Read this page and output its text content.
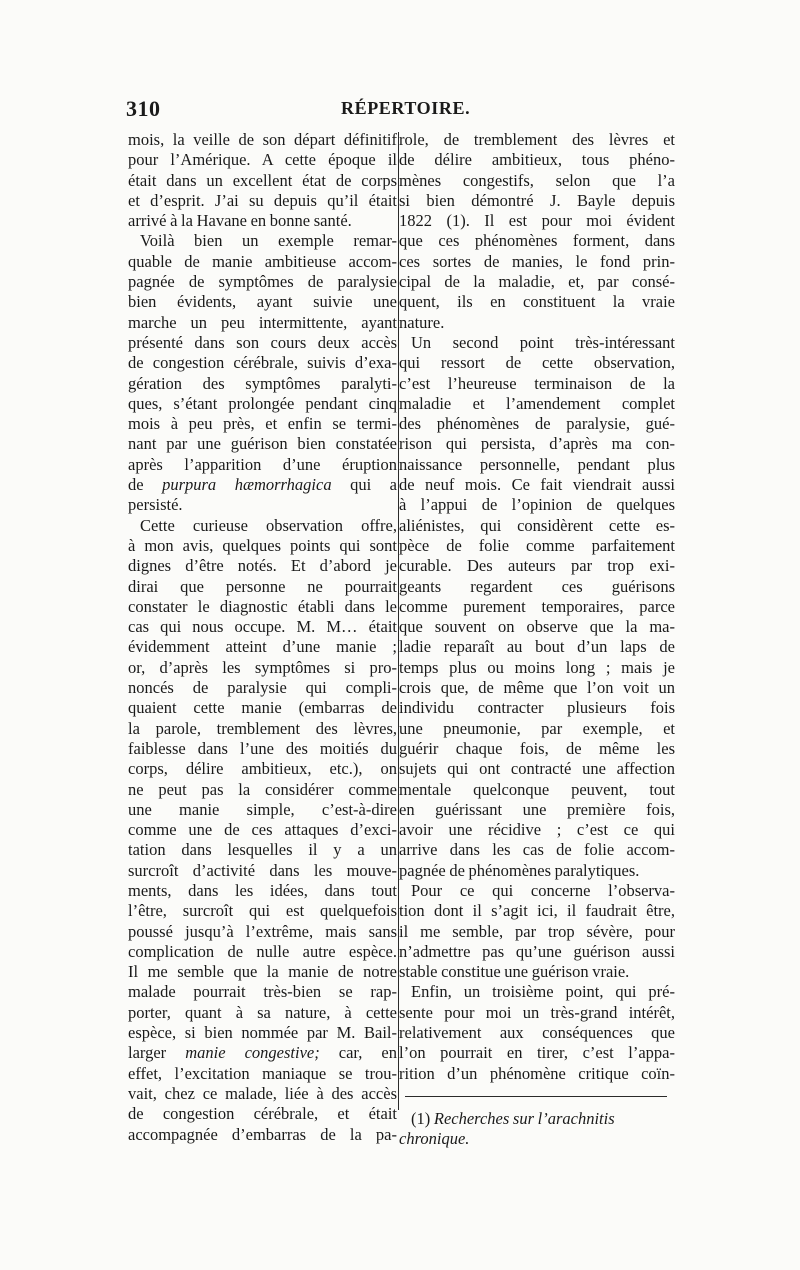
310	RÉPERTOIRE.
mois, la veille de son départ définitif
pour l’Amérique. A cette époque il
était dans un excellent état de corps
et d’esprit. J’ai su depuis qu’il était
arrivé à la Havane en bonne santé.
Voilà bien un exemple remar-
quable de manie ambitieuse accom-
pagnée de symptômes de paralysie
bien évidents, ayant suivie une
marche un peu intermittente, ayant
présenté dans son cours deux accès
de congestion cérébrale, suivis d’exa-
gération des symptômes paralyti-
ques, s’étant prolongée pendant cinq
mois à peu près, et enfin se termi-
nant par une guérison bien constatée
après l’apparition d’une éruption
de purpura hæmorrhagica qui a
persisté.
Cette curieuse observation offre,
à mon avis, quelques points qui sont
dignes d’être notés. Et d’abord je
dirai que personne ne pourrait
constater le diagnostic établi dans le
cas qui nous occupe. M. M… était
évidemment atteint d’une manie ;
or, d’après les symptômes si pro-
noncés de paralysie qui compli-
quaient cette manie (embarras de
la parole, tremblement des lèvres,
faiblesse dans l’une des moitiés du
corps, délire ambitieux, etc.), on
ne peut pas la considérer comme
une manie simple, c’est-à-dire
comme une de ces attaques d’exci-
tation dans lesquelles il y a un
surcroît d’activité dans les mouve-
ments, dans les idées, dans tout
l’être, surcroît qui est quelquefois
poussé jusqu’à l’extrême, mais sans
complication de nulle autre espèce.
Il me semble que la manie de notre
malade pourrait très-bien se rap-
porter, quant à sa nature, à cette
espèce, si bien nommée par M. Bail-
larger manie congestive; car, en
effet, l’excitation maniaque se trou-
vait, chez ce malade, liée à des accès
de congestion cérébrale, et était
accompagnée d’embarras de la pa-
role, de tremblement des lèvres et
de délire ambitieux, tous phéno-
mènes congestifs, selon que l’a
si bien démontré J. Bayle depuis
1822 (1). Il est pour moi évident
que ces phénomènes forment, dans
ces sortes de manies, le fond prin-
cipal de la maladie, et, par consé-
quent, ils en constituent la vraie
nature.
Un second point très-intéressant
qui ressort de cette observation,
c’est l’heureuse terminaison de la
maladie et l’amendement complet
des phénomènes de paralysie, gué-
rison qui persista, d’après ma con-
naissance personnelle, pendant plus
de neuf mois. Ce fait viendrait aussi
à l’appui de l’opinion de quelques
aliénistes, qui considèrent cette es-
pèce de folie comme parfaitement
curable. Des auteurs par trop exi-
geants regardent ces guérisons
comme purement temporaires, parce
que souvent on observe que la ma-
ladie reparaît au bout d’un laps de
temps plus ou moins long ; mais je
crois que, de même que l’on voit un
individu contracter plusieurs fois
une pneumonie, par exemple, et
guérir chaque fois, de même les
sujets qui ont contracté une affection
mentale quelconque peuvent, tout
en guérissant une première fois,
avoir une récidive ; c’est ce qui
arrive dans les cas de folie accom-
pagnée de phénomènes paralytiques.
Pour ce qui concerne l’observa-
tion dont il s’agit ici, il faudrait être,
il me semble, par trop sévère, pour
n’admettre pas qu’une guérison aussi
stable constitue une guérison vraie.
Enfin, un troisième point, qui pré-
sente pour moi un très-grand intérêt,
relativement aux conséquences que
l’on pourrait en tirer, c’est l’appa-
rition d’un phénomène critique coïn-
(1) Recherches sur l’arachnitis
chronique.
